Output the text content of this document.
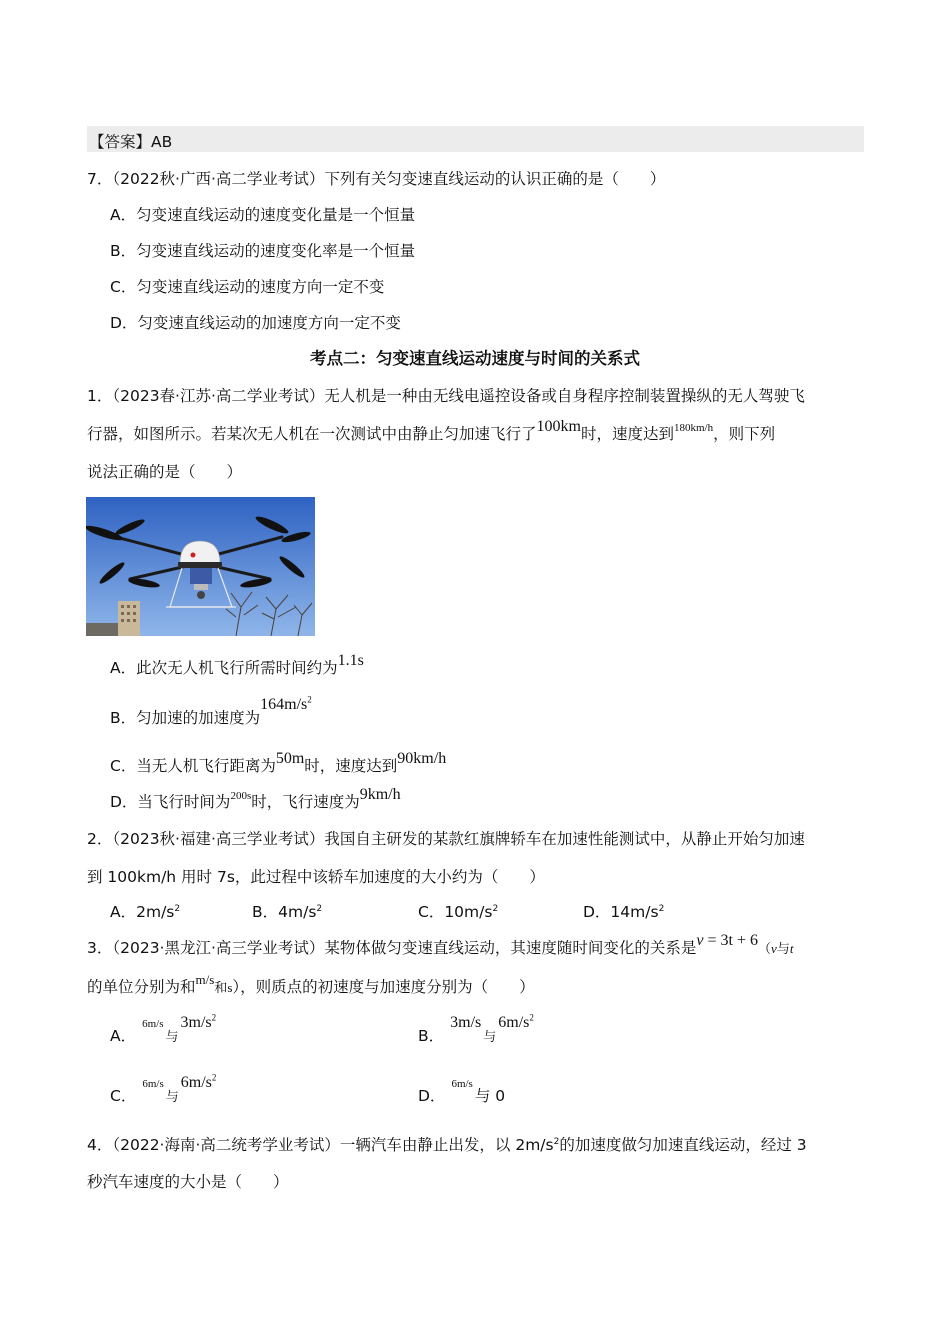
【答案】AB
7．（2022秋·广西·高二学业考试）下列有关匀变速直线运动的认识正确的是（　　）
A．匀变速直线运动的速度变化量是一个恒量
B．匀变速直线运动的速度变化率是一个恒量
C．匀变速直线运动的速度方向一定不变
D．匀变速直线运动的加速度方向一定不变
考点二：匀变速直线运动速度与时间的关系式
1．（2023春·江苏·高二学业考试）无人机是一种由无线电遥控设备或自身程序控制装置操纵的无人驾驶飞
行器，如图所示。若某次无人机在一次测试中由静止匀加速飞行了100km时，速度达到$^{180km/h}$，则下列
说法正确的是（　　）
A．此次无人机飞行所需时间约为1.1s
B．匀加速的加速度为$164m/s^2$
C．当无人机飞行距离为50m时，速度达到90km/h
D．当飞行时间为$^{200s}$时，飞行速度为9km/h
2．（2023秋·福建·高三学业考试）我国自主研发的某款红旗牌轿车在加速性能测试中，从静止开始匀加速
到 100km/h 用时 7s，此过程中该轿车加速度的大小约为（　　）
A．$2m/s^2$	B．$4m/s^2$	C．$10m/s^2$	D．$14m/s^2$
3．（2023·黑龙江·高三学业考试）某物体做匀变速直线运动，其速度随时间变化的关系是v = 3t + 6（v与t
的单位分别为和$^{m/s}$和s），则质点的初速度与加速度分别为（　　）
A．$^{6m/s}$与$3m/s^2$
B．3m/s与$6m/s^2$
C．$^{6m/s}$与$6m/s^2$
D．$^{6m/s}$与 0
4．（2022·海南·高二统考学业考试）一辆汽车由静止出发，以 $2m/s^2$的加速度做匀加速直线运动，经过 3
秒汽车速度的大小是（　　）
